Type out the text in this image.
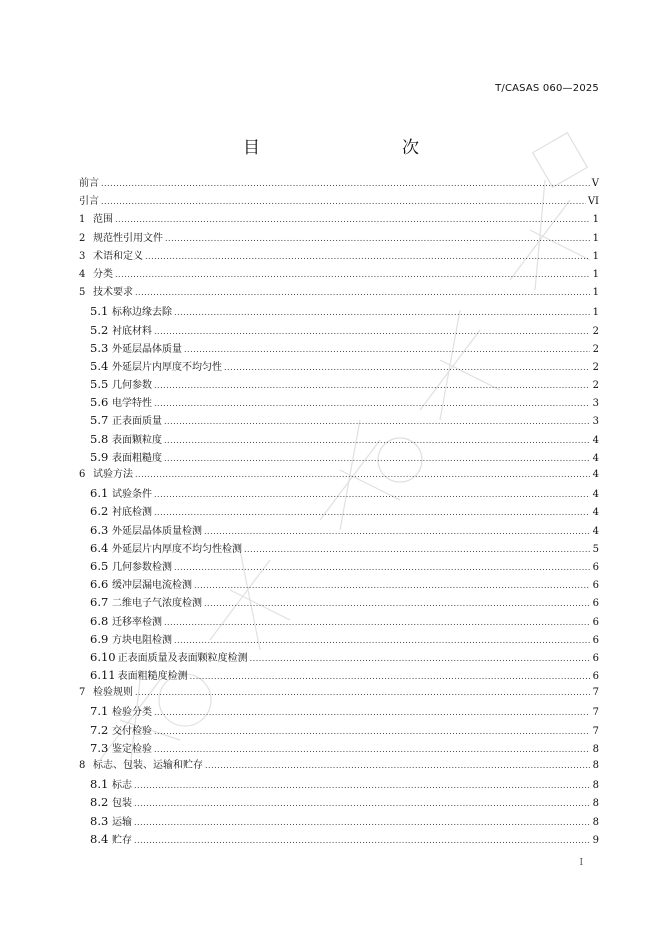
T/CASAS 060—2025
目　　次
前言 .....	V
引言 .....	VI
1 范围 .....	1
2 规范性引用文件 .....	1
3 术语和定义 .....	1
4 分类 .....	1
5 技术要求 .....	1
5.1 标称边缘去除 .....	1
5.2 衬底材料 .....	2
5.3 外延层晶体质量 .....	2
5.4 外延层片内厚度不均匀性 .....	2
5.5 几何参数 .....	2
5.6 电学特性 .....	3
5.7 正表面质量 .....	3
5.8 表面颗粒度 .....	4
5.9 表面粗糙度 .....	4
6 试验方法 .....	4
6.1 试验条件 .....	4
6.2 衬底检测 .....	4
6.3 外延层晶体质量检测 .....	4
6.4 外延层片内厚度不均匀性检测 .....	5
6.5 几何参数检测 .....	6
6.6 缓冲层漏电流检测 .....	6
6.7 二维电子气浓度检测 .....	6
6.8 迁移率检测 .....	6
6.9 方块电阻检测 .....	6
6.10 正表面质量及表面颗粒度检测 .....	6
6.11 表面粗糙度检测 .....	6
7 检验规则 .....	7
7.1 检验分类 .....	7
7.2 交付检验 .....	7
7.3 鉴定检验 .....	8
8 标志、包装、运输和贮存 .....	8
8.1 标志 .....	8
8.2 包装 .....	8
8.3 运输 .....	8
8.4 贮存 .....	9
I
